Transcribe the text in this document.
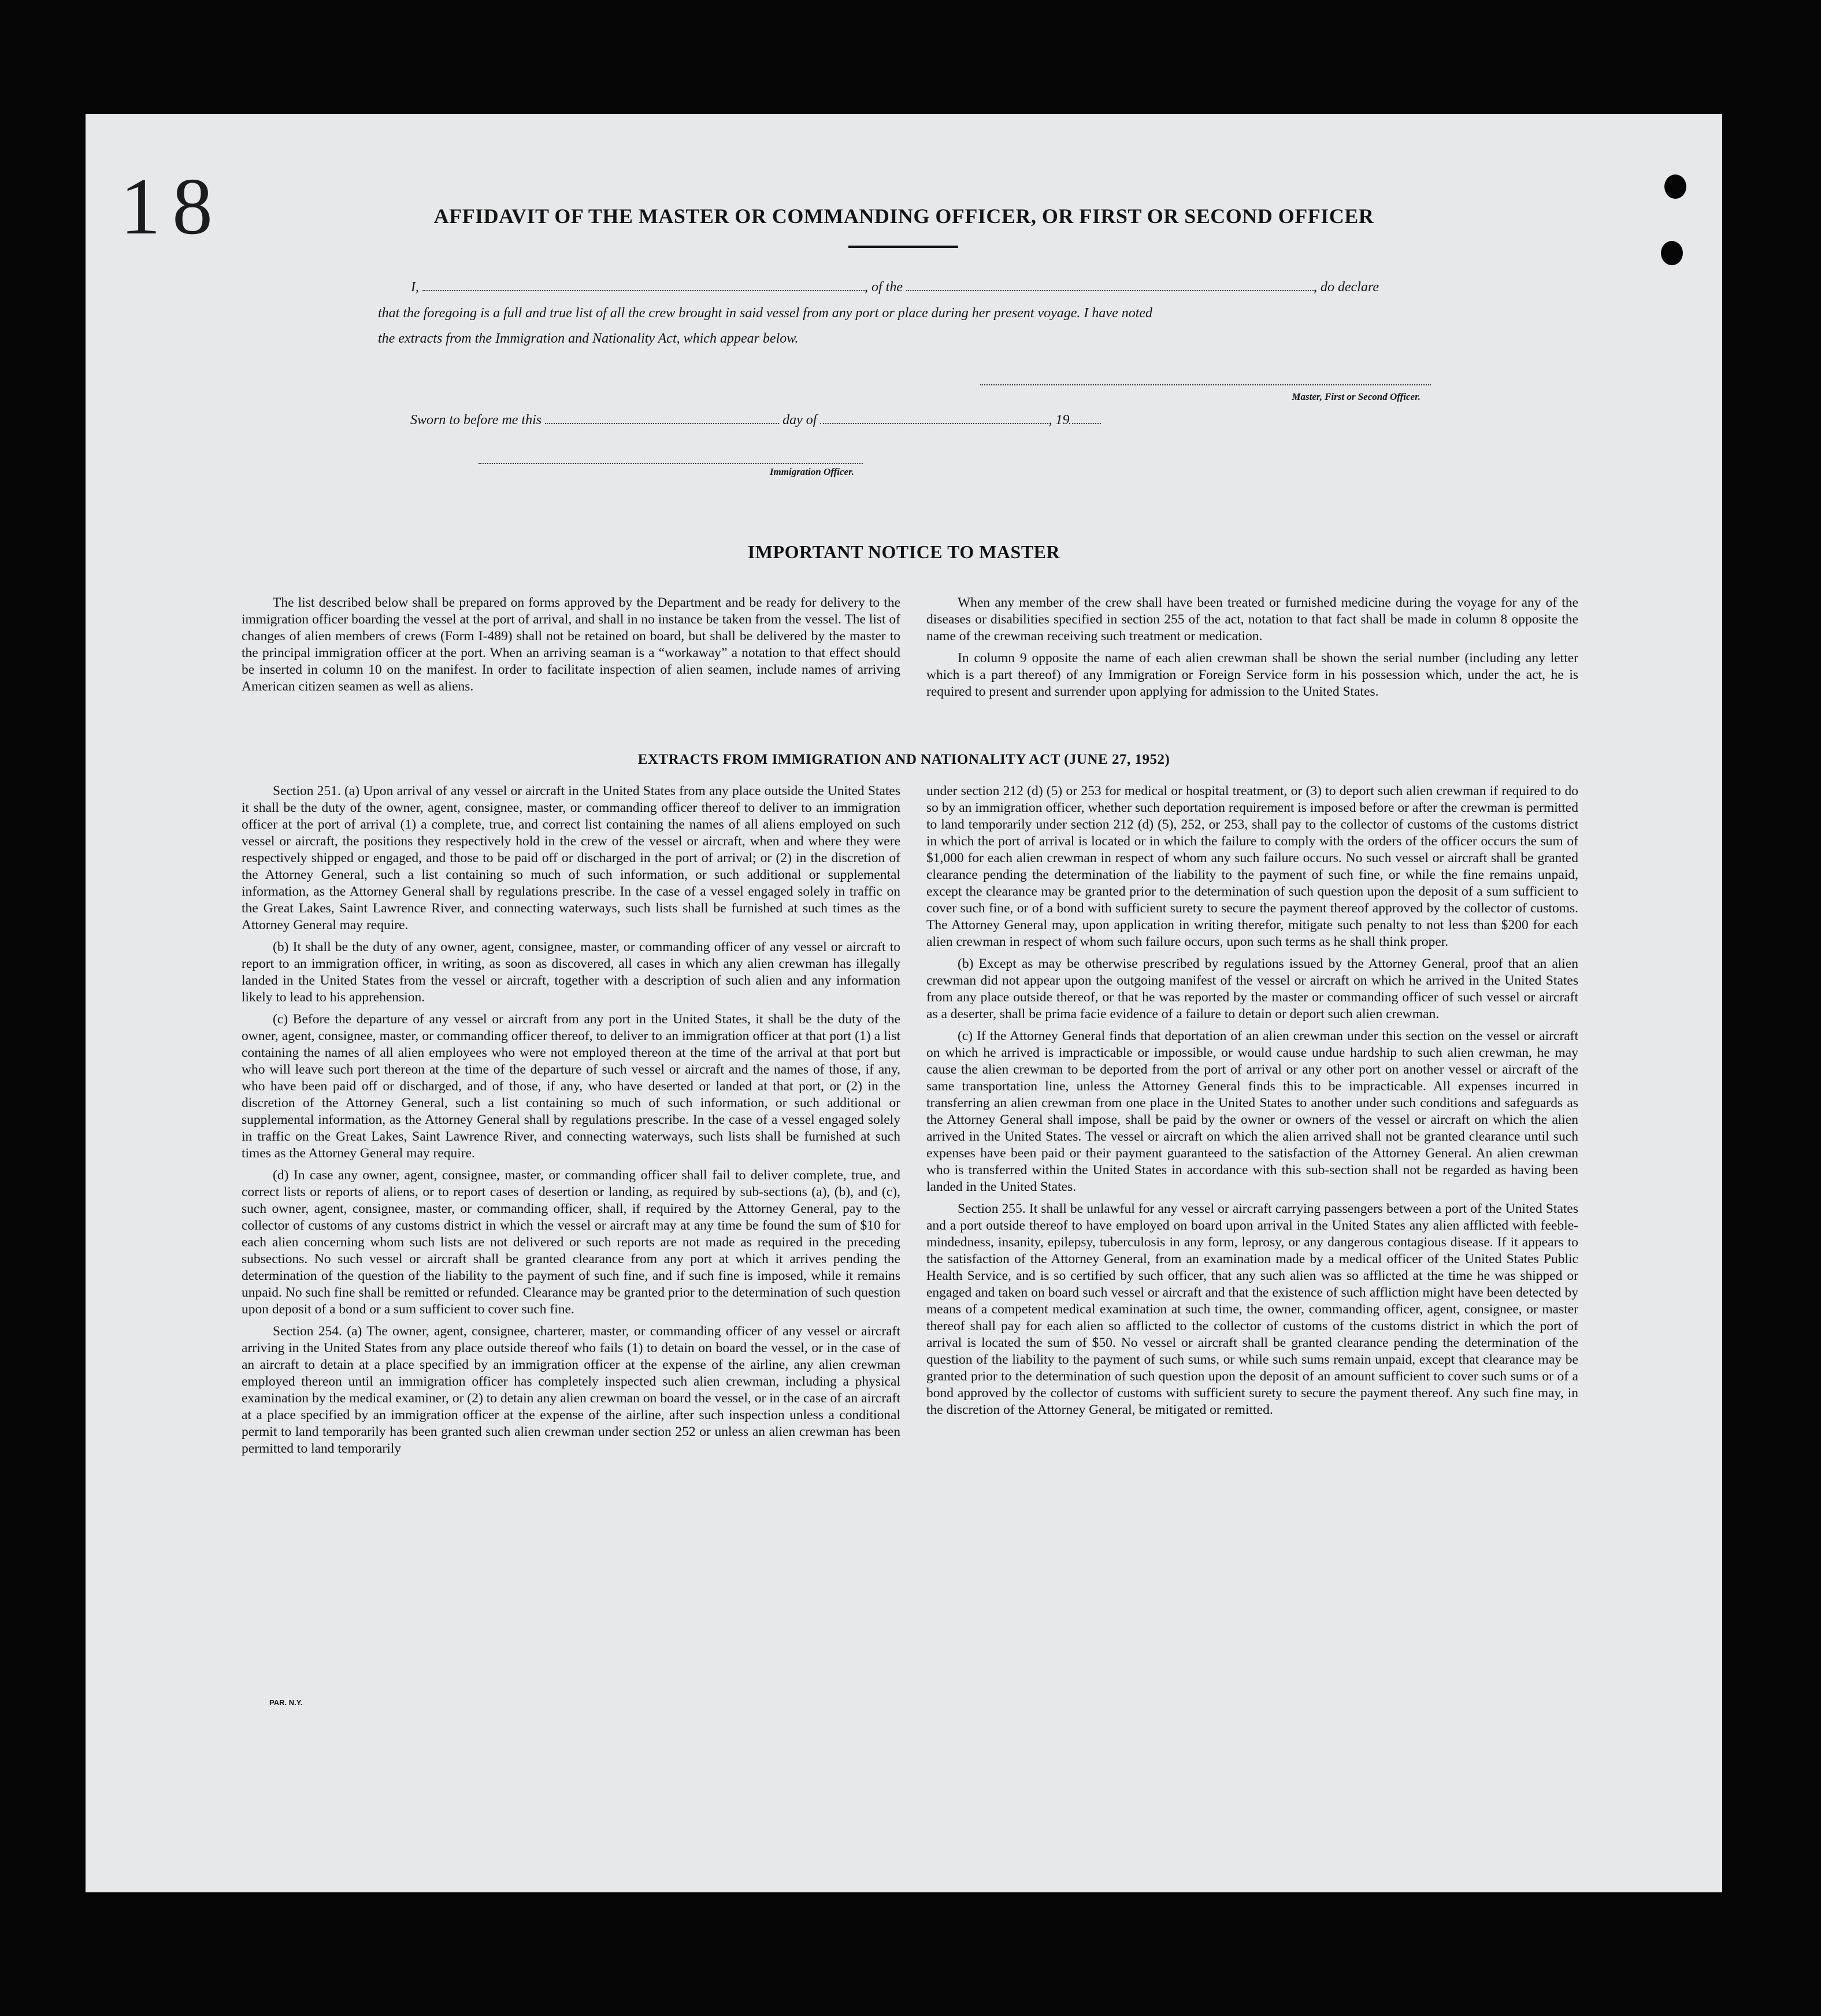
18	AFFIDAVIT OF THE MASTER OR COMMANDING OFFICER, OR FIRST OR SECOND OFFICER
I,	, of the	, do declare
that the foregoing is a full and true list of all the crew brought in said vessel from any port or place during her present voyage. I have noted
the extracts from the Immigration and Nationality Act, which appear below.
Master, First or Second Officer.
Sworn to before me this	day of	, 19
Immigration Officer.
IMPORTANT NOTICE TO MASTER

The list described below shall be prepared on forms approved by the Department and be ready for delivery to the immigration officer boarding the vessel at the port of arrival, and shall in no instance be taken from the vessel. The list of changes of alien members of crews (Form I-489) shall not be retained on board, but shall be delivered by the master to the principal immigration officer at the port. When an arriving seaman is a “workaway” a notation to that effect should be inserted in column 10 on the manifest. In order to facilitate inspection of alien seamen, include names of arriving American citizen seamen as well as aliens.

When any member of the crew shall have been treated or furnished medicine during the voyage for any of the diseases or disabilities specified in section 255 of the act, notation to that fact shall be made in column 8 opposite the name of the crewman receiving such treatment or medication.

In column 9 opposite the name of each alien crewman shall be shown the serial number (including any letter which is a part thereof) of any Immigration or Foreign Service form in his possession which, under the act, he is required to present and surrender upon applying for admission to the United States.

EXTRACTS FROM IMMIGRATION AND NATIONALITY ACT (JUNE 27, 1952)

Section 251. (a) Upon arrival of any vessel or aircraft in the United States from any place outside the United States it shall be the duty of the owner, agent, consignee, master, or commanding officer thereof to deliver to an immigration officer at the port of arrival (1) a complete, true, and correct list containing the names of all aliens employed on such vessel or aircraft, the positions they respectively hold in the crew of the vessel or aircraft, when and where they were respectively shipped or engaged, and those to be paid off or discharged in the port of arrival; or (2) in the discretion of the Attorney General, such a list containing so much of such information, or such additional or supplemental information, as the Attorney General shall by regulations prescribe. In the case of a vessel engaged solely in traffic on the Great Lakes, Saint Lawrence River, and connecting waterways, such lists shall be furnished at such times as the Attorney General may require.

(b) It shall be the duty of any owner, agent, consignee, master, or commanding officer of any vessel or aircraft to report to an immigration officer, in writing, as soon as discovered, all cases in which any alien crewman has illegally landed in the United States from the vessel or aircraft, together with a description of such alien and any information likely to lead to his apprehension.

(c) Before the departure of any vessel or aircraft from any port in the United States, it shall be the duty of the owner, agent, consignee, master, or commanding officer thereof, to deliver to an immigration officer at that port (1) a list containing the names of all alien employees who were not employed thereon at the time of the arrival at that port but who will leave such port thereon at the time of the departure of such vessel or aircraft and the names of those, if any, who have been paid off or discharged, and of those, if any, who have deserted or landed at that port, or (2) in the discretion of the Attorney General, such a list containing so much of such information, or such additional or supplemental information, as the Attorney General shall by regulations prescribe. In the case of a vessel engaged solely in traffic on the Great Lakes, Saint Lawrence River, and connecting waterways, such lists shall be furnished at such times as the Attorney General may require.

(d) In case any owner, agent, consignee, master, or commanding officer shall fail to deliver complete, true, and correct lists or reports of aliens, or to report cases of desertion or landing, as required by sub-sections (a), (b), and (c), such owner, agent, consignee, master, or commanding officer, shall, if required by the Attorney General, pay to the collector of customs of any customs district in which the vessel or aircraft may at any time be found the sum of $10 for each alien concerning whom such lists are not delivered or such reports are not made as required in the preceding subsections. No such vessel or aircraft shall be granted clearance from any port at which it arrives pending the determination of the question of the liability to the payment of such fine, and if such fine is imposed, while it remains unpaid. No such fine shall be remitted or refunded. Clearance may be granted prior to the determination of such question upon deposit of a bond or a sum sufficient to cover such fine.

Section 254. (a) The owner, agent, consignee, charterer, master, or commanding officer of any vessel or aircraft arriving in the United States from any place outside thereof who fails (1) to detain on board the vessel, or in the case of an aircraft to detain at a place specified by an immigration officer at the expense of the airline, any alien crewman employed thereon until an immigration officer has completely inspected such alien crewman, including a physical examination by the medical examiner, or (2) to detain any alien crewman on board the vessel, or in the case of an aircraft at a place specified by an immigration officer at the expense of the airline, after such inspection unless a conditional permit to land temporarily has been granted such alien crewman under section 252 or unless an alien crewman has been permitted to land temporarily

under section 212 (d) (5) or 253 for medical or hospital treatment, or (3) to deport such alien crewman if required to do so by an immigration officer, whether such deportation requirement is imposed before or after the crewman is permitted to land temporarily under section 212 (d) (5), 252, or 253, shall pay to the collector of customs of the customs district in which the port of arrival is located or in which the failure to comply with the orders of the officer occurs the sum of $1,000 for each alien crewman in respect of whom any such failure occurs. No such vessel or aircraft shall be granted clearance pending the determination of the liability to the payment of such fine, or while the fine remains unpaid, except the clearance may be granted prior to the determination of such question upon the deposit of a sum sufficient to cover such fine, or of a bond with sufficient surety to secure the payment thereof approved by the collector of customs. The Attorney General may, upon application in writing therefor, mitigate such penalty to not less than $200 for each alien crewman in respect of whom such failure occurs, upon such terms as he shall think proper.

(b) Except as may be otherwise prescribed by regulations issued by the Attorney General, proof that an alien crewman did not appear upon the outgoing manifest of the vessel or aircraft on which he arrived in the United States from any place outside thereof, or that he was reported by the master or commanding officer of such vessel or aircraft as a deserter, shall be prima facie evidence of a failure to detain or deport such alien crewman.

(c) If the Attorney General finds that deportation of an alien crewman under this section on the vessel or aircraft on which he arrived is impracticable or impossible, or would cause undue hardship to such alien crewman, he may cause the alien crewman to be deported from the port of arrival or any other port on another vessel or aircraft of the same transportation line, unless the Attorney General finds this to be impracticable. All expenses incurred in transferring an alien crewman from one place in the United States to another under such conditions and safeguards as the Attorney General shall impose, shall be paid by the owner or owners of the vessel or aircraft on which the alien arrived in the United States. The vessel or aircraft on which the alien arrived shall not be granted clearance until such expenses have been paid or their payment guaranteed to the satisfaction of the Attorney General. An alien crewman who is transferred within the United States in accordance with this sub-section shall not be regarded as having been landed in the United States.

Section 255. It shall be unlawful for any vessel or aircraft carrying passengers between a port of the United States and a port outside thereof to have employed on board upon arrival in the United States any alien afflicted with feeble-mindedness, insanity, epilepsy, tuberculosis in any form, leprosy, or any dangerous contagious disease. If it appears to the satisfaction of the Attorney General, from an examination made by a medical officer of the United States Public Health Service, and is so certified by such officer, that any such alien was so afflicted at the time he was shipped or engaged and taken on board such vessel or aircraft and that the existence of such affliction might have been detected by means of a competent medical examination at such time, the owner, commanding officer, agent, consignee, or master thereof shall pay for each alien so afflicted to the collector of customs of the customs district in which the port of arrival is located the sum of $50. No vessel or aircraft shall be granted clearance pending the determination of the question of the liability to the payment of such sums, or while such sums remain unpaid, except that clearance may be granted prior to the determination of such question upon the deposit of an amount sufficient to cover such sums or of a bond approved by the collector of customs with sufficient surety to secure the payment thereof. Any such fine may, in the discretion of the Attorney General, be mitigated or remitted.

PAR. N.Y.
